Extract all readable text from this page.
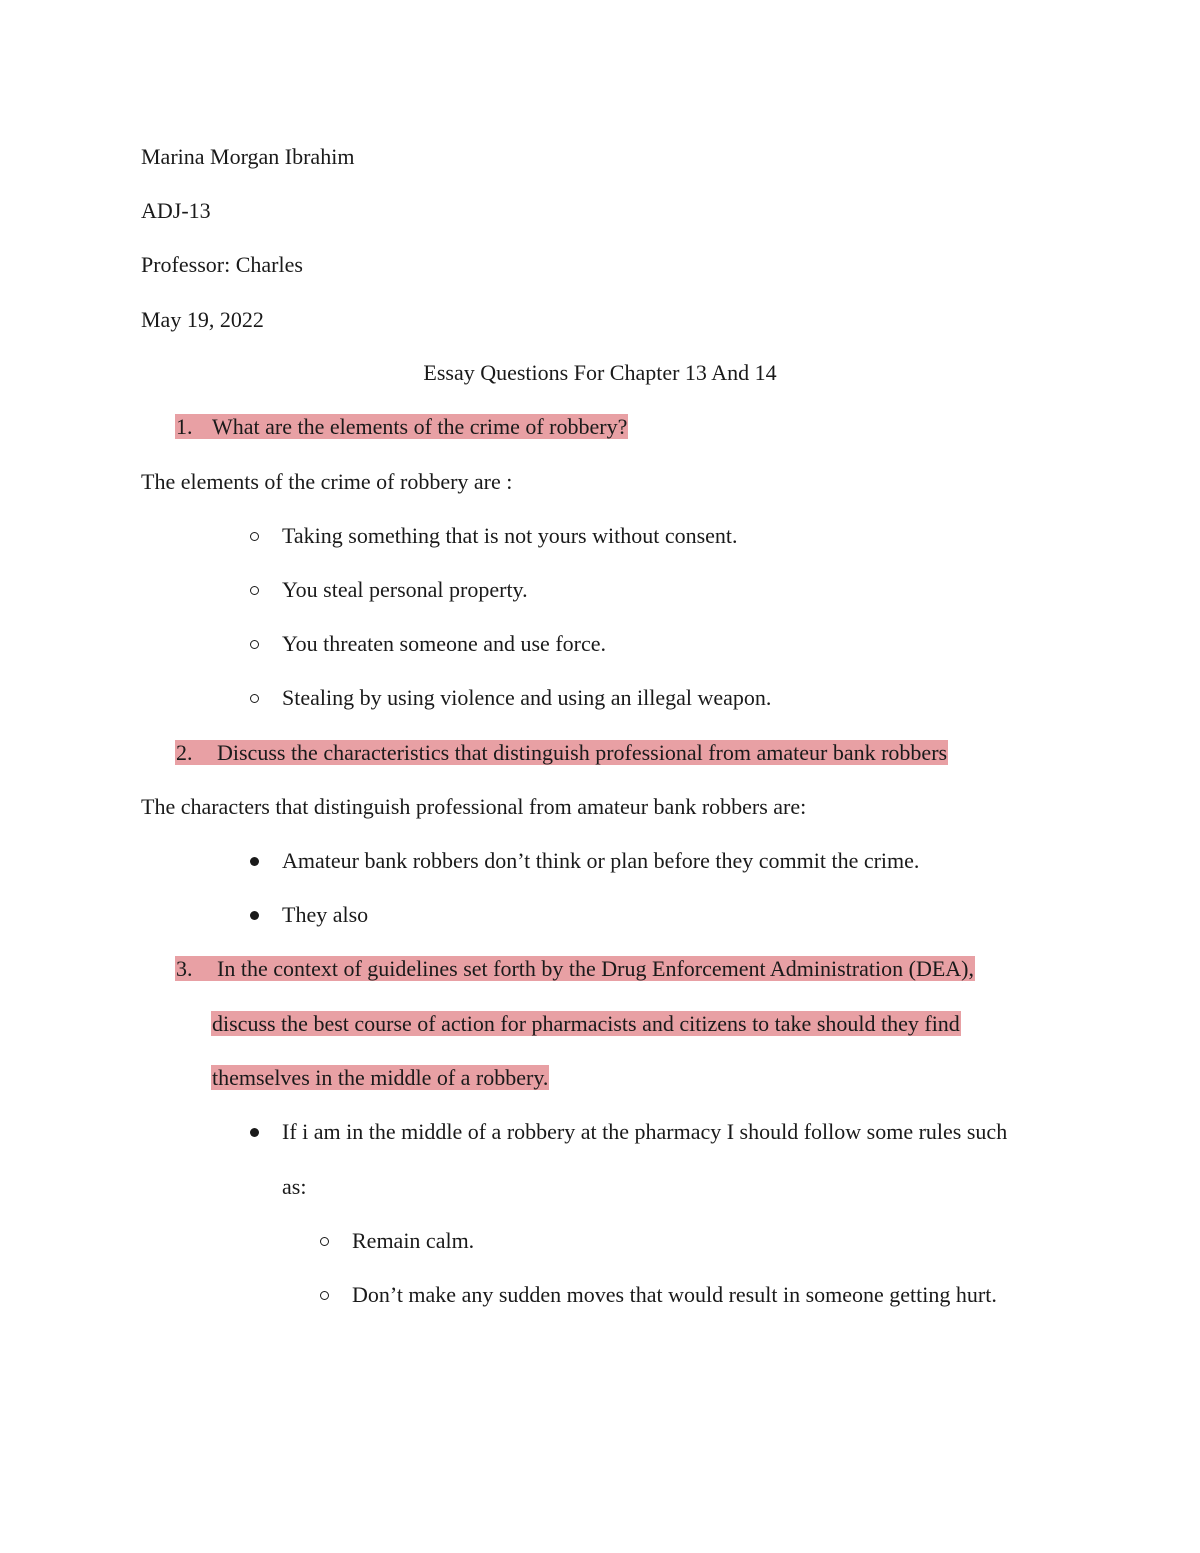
Marina Morgan Ibrahim
ADJ-13
Professor: Charles
May 19, 2022
Essay Questions For Chapter 13 And 14
1. What are the elements of the crime of robbery?
The elements of the crime of robbery are :
Taking something that is not yours without consent.
You steal personal property.
You threaten someone and use force.
Stealing by using violence and using an illegal weapon.
2. Discuss the characteristics that distinguish professional from amateur bank robbers
The characters that distinguish professional from amateur bank robbers are:
Amateur bank robbers don’t think or plan before they commit the crime.
They also
3. In the context of guidelines set forth by the Drug Enforcement Administration (DEA),
discuss the best course of action for pharmacists and citizens to take should they find
themselves in the middle of a robbery.
If i am in the middle of a robbery at the pharmacy I should follow some rules such
as:
Remain calm.
Don’t make any sudden moves that would result in someone getting hurt.
